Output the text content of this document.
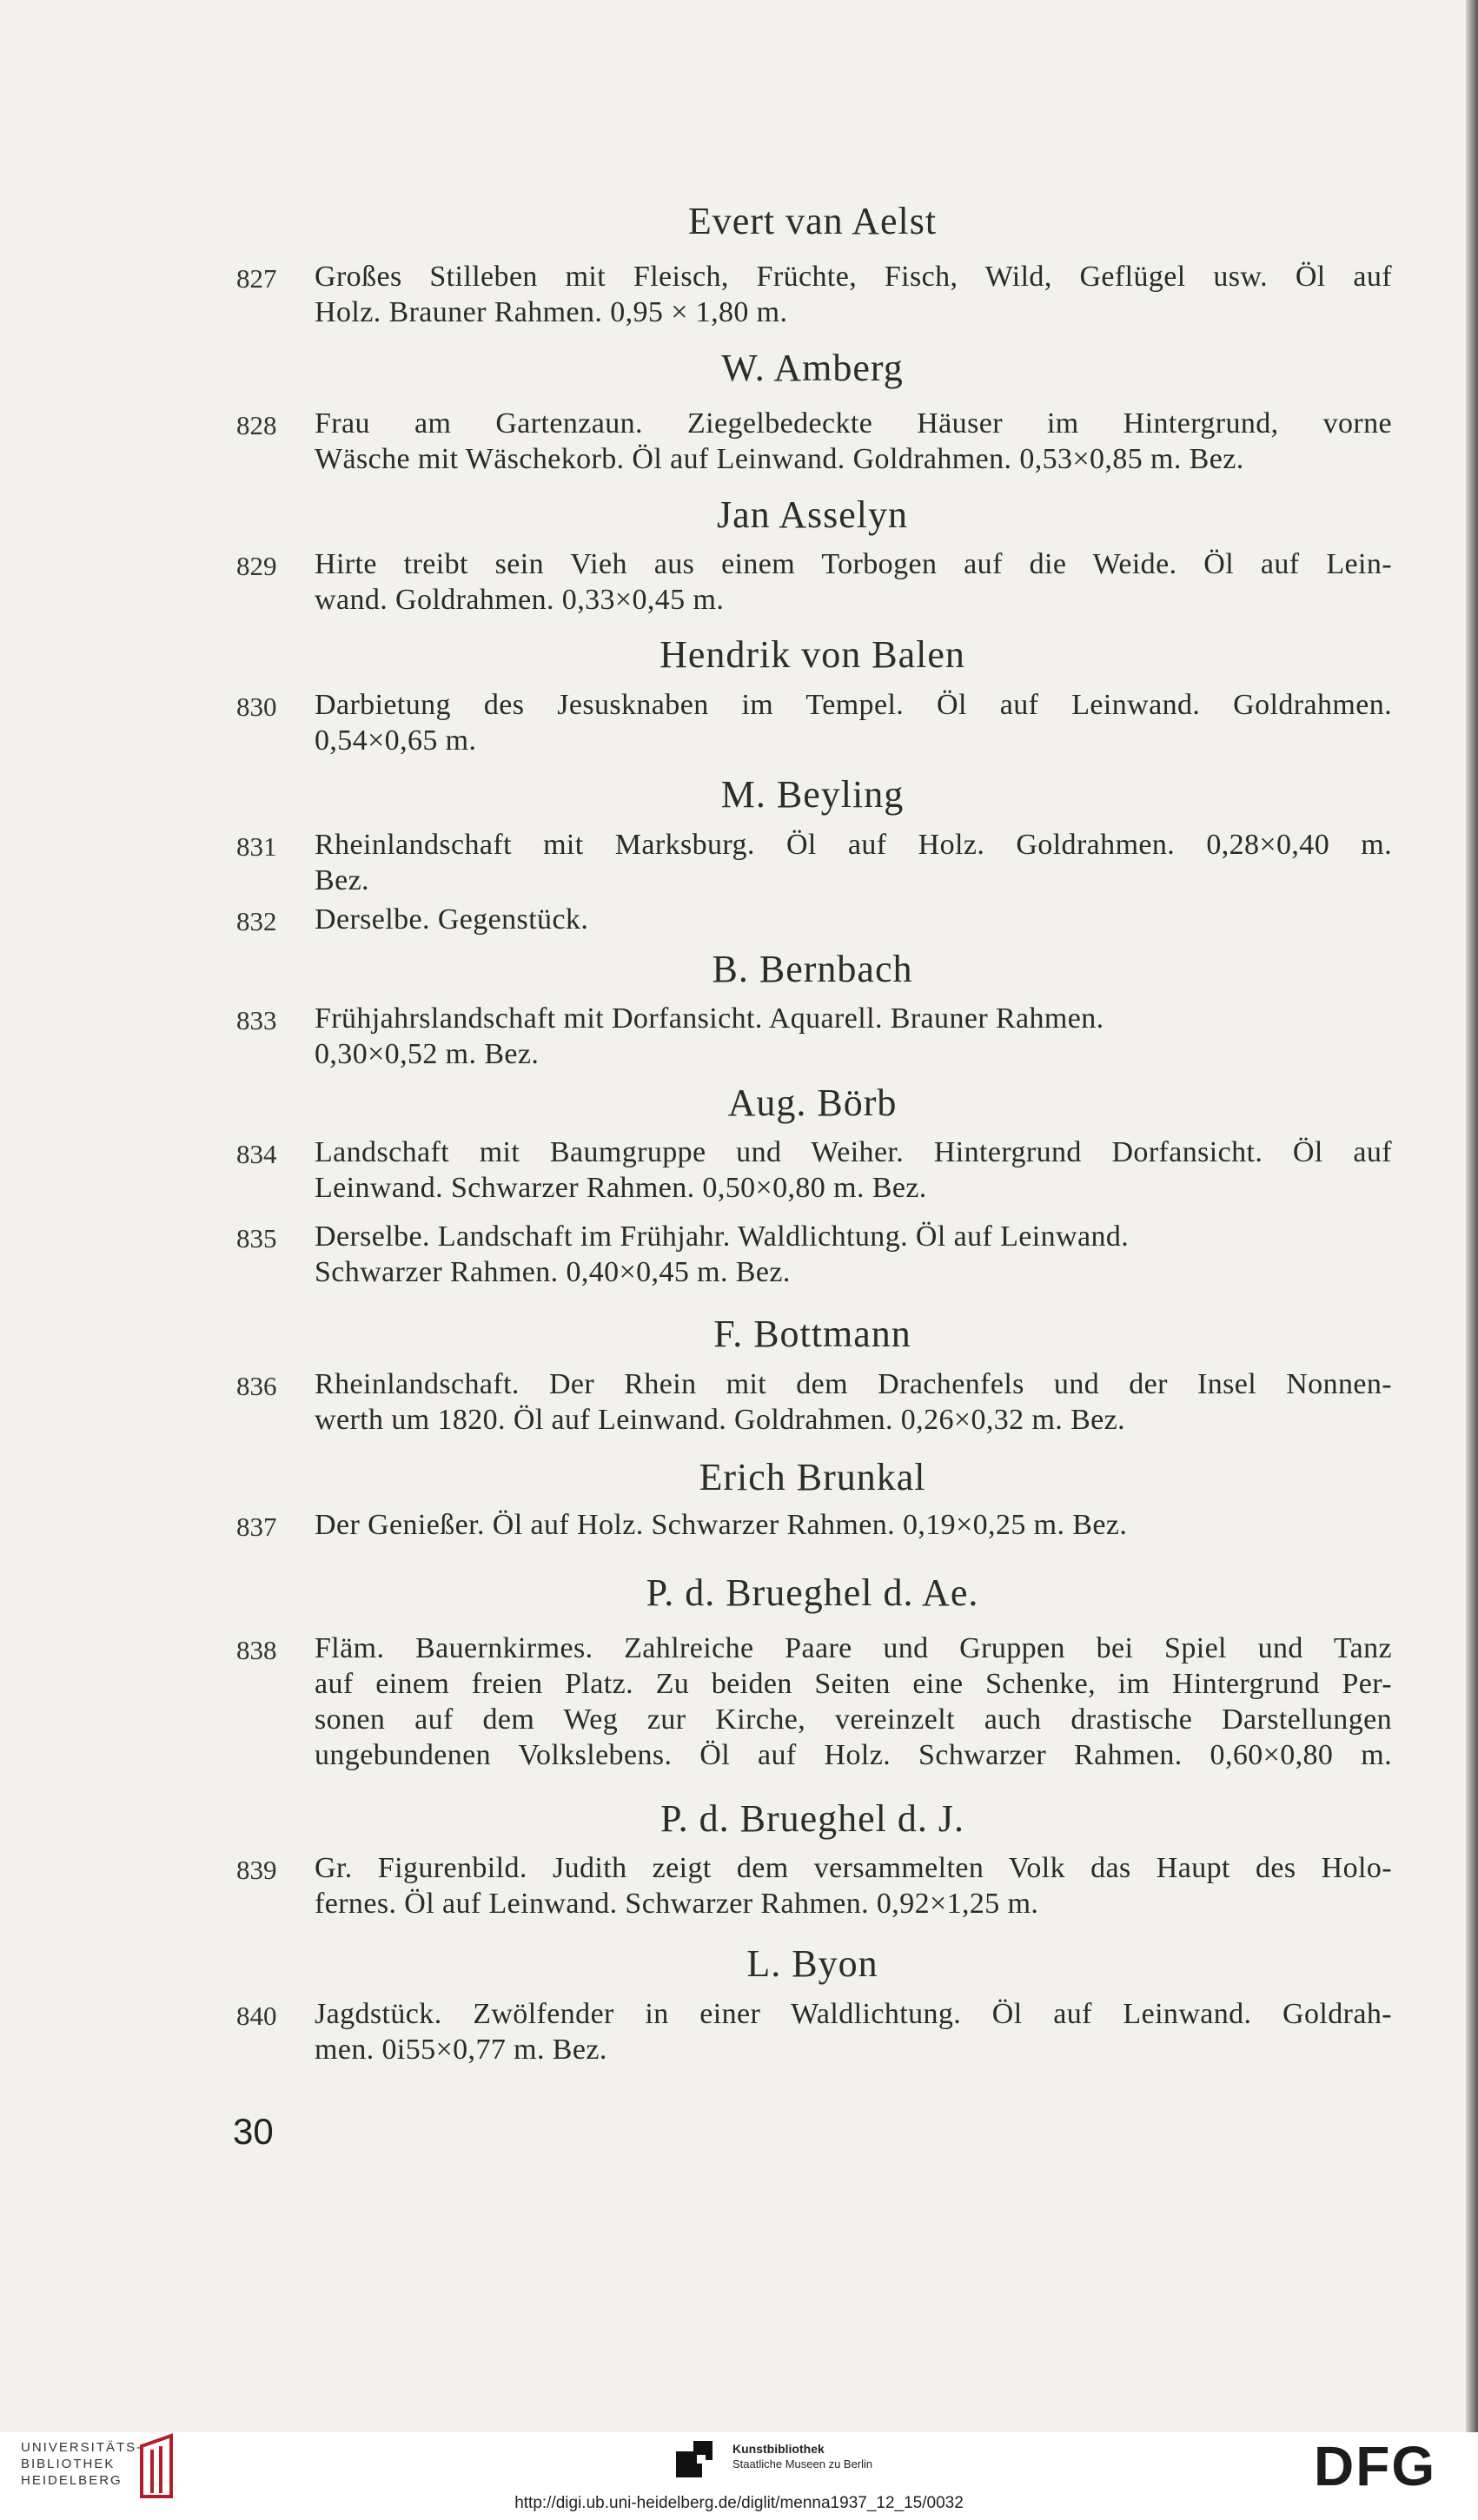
Evert van Aelst
827 Großes Stilleben mit Fleisch, Früchte, Fisch, Wild, Geflügel usw. Öl auf
Holz. Brauner Rahmen. 0,95 × 1,80 m.
W. Amberg
828 Frau am Gartenzaun. Ziegelbedeckte Häuser im Hintergrund, vorne
Wäsche mit Wäschekorb. Öl auf Leinwand. Goldrahmen. 0,53×0,85 m. Bez.
Jan Asselyn
829 Hirte treibt sein Vieh aus einem Torbogen auf die Weide. Öl auf Lein-
wand. Goldrahmen. 0,33×0,45 m.
Hendrik von Balen
830 Darbietung des Jesusknaben im Tempel. Öl auf Leinwand. Goldrahmen.
0,54×0,65 m.
M. Beyling
831 Rheinlandschaft mit Marksburg. Öl auf Holz. Goldrahmen. 0,28×0,40 m.
Bez.
832 Derselbe. Gegenstück.
B. Bernbach
833 Frühjahrslandschaft mit Dorfansicht. Aquarell. Brauner Rahmen.
0,30×0,52 m. Bez.
Aug. Börb
834 Landschaft mit Baumgruppe und Weiher. Hintergrund Dorfansicht. Öl auf
Leinwand. Schwarzer Rahmen. 0,50×0,80 m. Bez.
835 Derselbe. Landschaft im Frühjahr. Waldlichtung. Öl auf Leinwand.
Schwarzer Rahmen. 0,40×0,45 m. Bez.
F. Bottmann
836 Rheinlandschaft. Der Rhein mit dem Drachenfels und der Insel Nonnen-
werth um 1820. Öl auf Leinwand. Goldrahmen. 0,26×0,32 m. Bez.
Erich Brunkal
837 Der Genießer. Öl auf Holz. Schwarzer Rahmen. 0,19×0,25 m. Bez.
P. d. Brueghel d. Ae.
838 Fläm. Bauernkirmes. Zahlreiche Paare und Gruppen bei Spiel und Tanz
auf einem freien Platz. Zu beiden Seiten eine Schenke, im Hintergrund Per-
sonen auf dem Weg zur Kirche, vereinzelt auch drastische Darstellungen
ungebundenen Volkslebens. Öl auf Holz. Schwarzer Rahmen. 0,60×0,80 m.
P. d. Brueghel d. J.
839 Gr. Figurenbild. Judith zeigt dem versammelten Volk das Haupt des Holo-
fernes. Öl auf Leinwand. Schwarzer Rahmen. 0,92×1,25 m.
L. Byon
840 Jagdstück. Zwölfender in einer Waldlichtung. Öl auf Leinwand. Goldrah-
men. 0i55×0,77 m. Bez.
30
UNIVERSITÄTS-
BIBLIOTHEK
HEIDELBERG
Kunstbibliothek
Staatliche Museen zu Berlin	DFG
http://digi.ub.uni-heidelberg.de/diglit/menna1937_12_15/0032
